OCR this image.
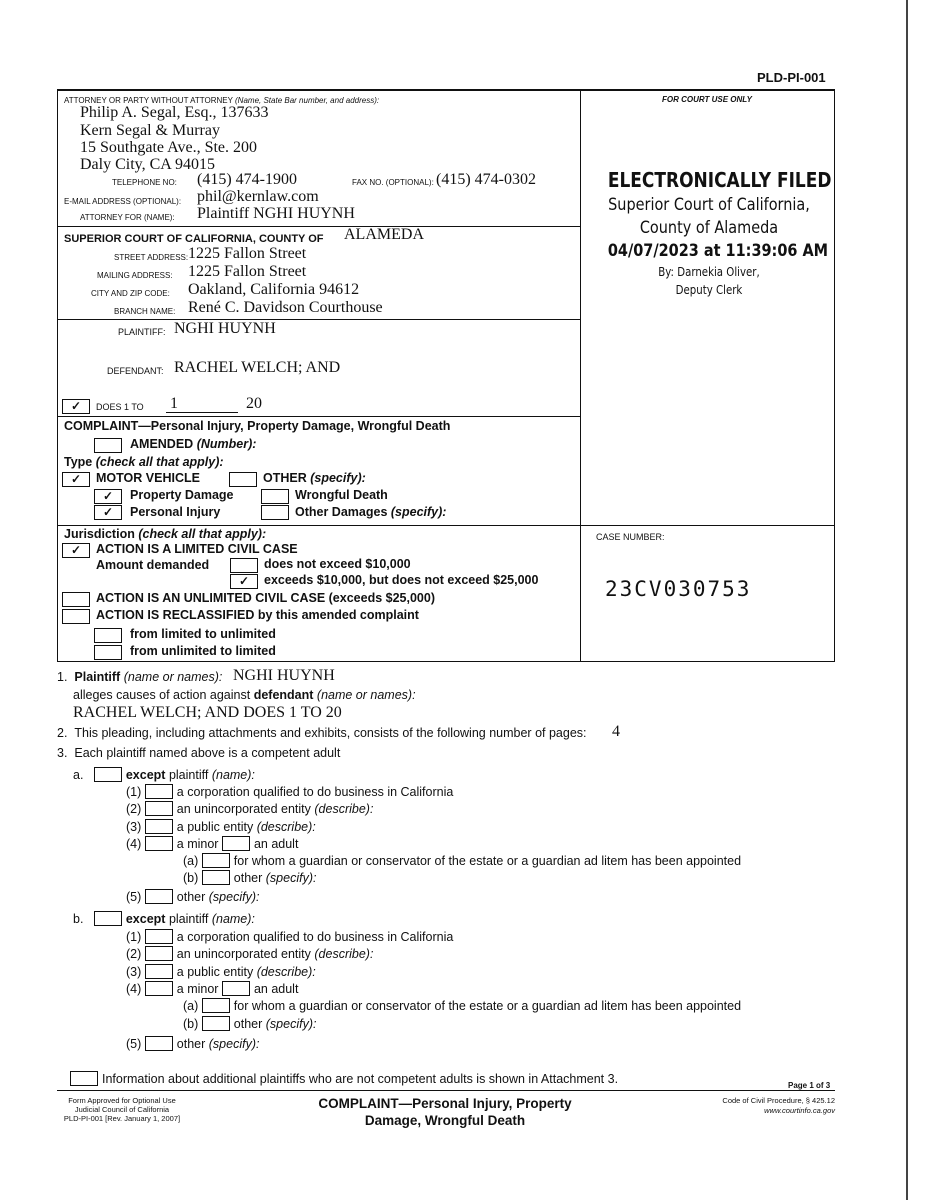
PLD-PI-001
ATTORNEY OR PARTY WITHOUT ATTORNEY (Name, State Bar number, and address):
Philip A. Segal, Esq., 137633
Kern Segal & Murray
15 Southgate Ave., Ste. 200
Daly City, CA 94015
TELEPHONE NO: (415) 474-1900	FAX NO. (OPTIONAL): (415) 474-0302
E-MAIL ADDRESS (OPTIONAL): phil@kernlaw.com
ATTORNEY FOR (NAME): Plaintiff NGHI HUYNH
FOR COURT USE ONLY
ELECTRONICALLY FILED
Superior Court of California,
County of Alameda
04/07/2023 at 11:39:06 AM
By: Darnekia Oliver,
Deputy Clerk
SUPERIOR COURT OF CALIFORNIA, COUNTY OF ALAMEDA
STREET ADDRESS: 1225 Fallon Street
MAILING ADDRESS: 1225 Fallon Street
CITY AND ZIP CODE: Oakland, California 94612
BRANCH NAME: René C. Davidson Courthouse
PLAINTIFF: NGHI HUYNH
DEFENDANT: RACHEL WELCH; AND
✓	DOES 1 TO 1	20
COMPLAINT—Personal Injury, Property Damage, Wrongful Death
AMENDED (Number):
Type (check all that apply):
✓	MOTOR VEHICLE	OTHER (specify):
✓	Property Damage	Wrongful Death
✓	Personal Injury	Other Damages (specify):
Jurisdiction (check all that apply):
✓	ACTION IS A LIMITED CIVIL CASE
Amount demanded	does not exceed $10,000
✓	exceeds $10,000, but does not exceed $25,000
ACTION IS AN UNLIMITED CIVIL CASE (exceeds $25,000)
ACTION IS RECLASSIFIED by this amended complaint
from limited to unlimited
from unlimited to limited
CASE NUMBER:
23CV030753
1. Plaintiff (name or names): NGHI HUYNH
alleges causes of action against defendant (name or names):
RACHEL WELCH; AND DOES 1 TO 20
2. This pleading, including attachments and exhibits, consists of the following number of pages: 4
3. Each plaintiff named above is a competent adult
a.	except plaintiff (name):
(1)	a corporation qualified to do business in California
(2)	an unincorporated entity (describe):
(3)	a public entity (describe):
(4)	a minor	an adult
(a)	for whom a guardian or conservator of the estate or a guardian ad litem has been appointed
(b)	other (specify):
(5)	other (specify):
b.	except plaintiff (name):
(1)	a corporation qualified to do business in California
(2)	an unincorporated entity (describe):
(3)	a public entity (describe):
(4)	a minor	an adult
(a)	for whom a guardian or conservator of the estate or a guardian ad litem has been appointed
(b)	other (specify):
(5)	other (specify):
Information about additional plaintiffs who are not competent adults is shown in Attachment 3.	Page 1 of 3
Form Approved for Optional Use
Judicial Council of California
PLD-PI-001 [Rev. January 1, 2007]
COMPLAINT—Personal Injury, Property
Damage, Wrongful Death
Code of Civil Procedure, § 425.12
www.courtinfo.ca.gov
